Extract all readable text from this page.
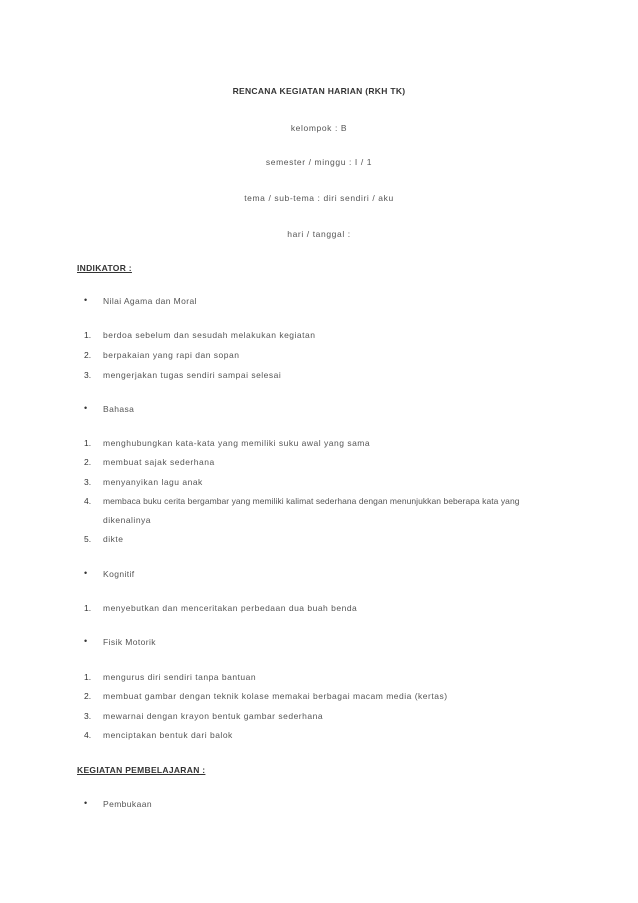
RENCANA KEGIATAN HARIAN (RKH TK)
kelompok : B
semester / minggu : I / 1
tema / sub-tema : diri sendiri / aku
hari / tanggal :
INDIKATOR :
• Nilai Agama dan Moral
1. berdoa sebelum dan sesudah melakukan kegiatan
2. berpakaian yang rapi dan sopan
3. mengerjakan tugas sendiri sampai selesai
• Bahasa
1. menghubungkan kata-kata yang memiliki suku awal yang sama
2. membuat sajak sederhana
3. menyanyikan lagu anak
4. membaca buku cerita bergambar yang memiliki kalimat sederhana dengan menunjukkan beberapa kata yang
dikenalinya
5. dikte
• Kognitif
1. menyebutkan dan menceritakan perbedaan dua buah benda
• Fisik Motorik
1. mengurus diri sendiri tanpa bantuan
2. membuat gambar dengan teknik kolase memakai berbagai macam media (kertas)
3. mewarnai dengan krayon bentuk gambar sederhana
4. menciptakan bentuk dari balok
KEGIATAN PEMBELAJARAN :
• Pembukaan
